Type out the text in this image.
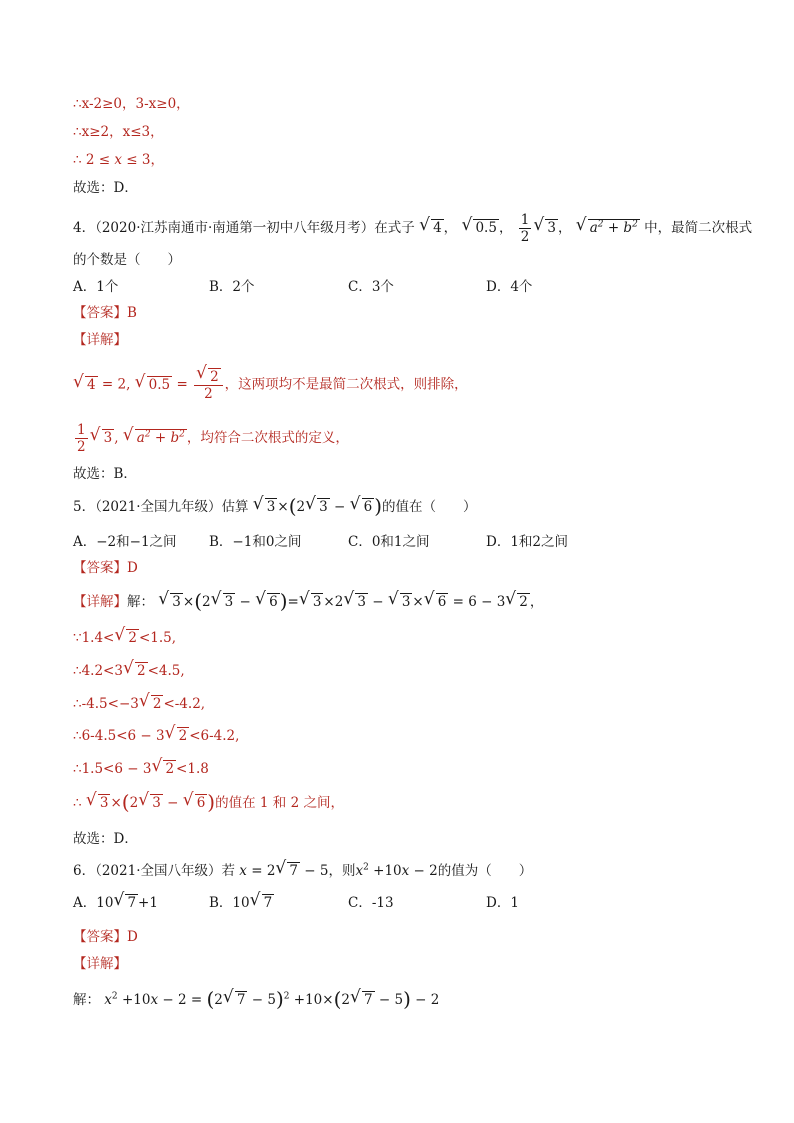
∴x-2≥0，3-x≥0，
∴x≥2，x≤3，
∴ 2 ≤ x ≤ 3，
故选：D．
4．（2020·江苏南通市·南通第一初中八年级月考）在式子 √ 4 ， √ 0.5 ， $\frac{1}{2}$
√ 3 ， √ $a^2 + b^2$ 中，最简二次根式
的个数是（　　）
A．1个	B．2个	C．3个	D．4个
【答案】B
【详解】
√ 4 = 2, √ 0.5 =
√ $\frac{2}{2}$ ，这两项均不是最简二次根式，则排除，
$\frac{1}{2}$
√ 3 , √ $a^2 + b^2$ ，均符合二次根式的定义，
故选：B．
5．（2021·全国九年级）估算 √ 3 ×(2√ 3 − √ 6 )的值在（　　）
A．−2和−1之间 B．−1和0之间	C．0和1之间	D．1和2之间
【答案】D
【详解】解： √ 3 ×(2√ 3 − √ 6 )=√ 3 ×2√ 3 − √ 3 ×√ 6 = 6 − 3√ 2 ，
∵1.4<√ 2 <1.5,
∴4.2<3√ 2 <4.5,
∴-4.5<−3√ 2 <-4.2,
∴6-4.5<6 − 3√ 2 <6-4.2,
∴1.5<6 − 3√ 2 <1.8
∴ √ 3 ×(2√ 3 − √ 6 )的值在 1 和 2 之间，
故选：D．
6．（2021·全国八年级）若 x = 2√ 7 − 5，则$x^2 +10x - 2$的值为（　　）
A．10√ 7 +1	B．10√ 7	C．-13	D．1
【答案】D
【详解】
解： $x^2 +10x - 2 = (2√$ 7 − 5)$^2$ +10×(2√ 7 − 5) − 2
